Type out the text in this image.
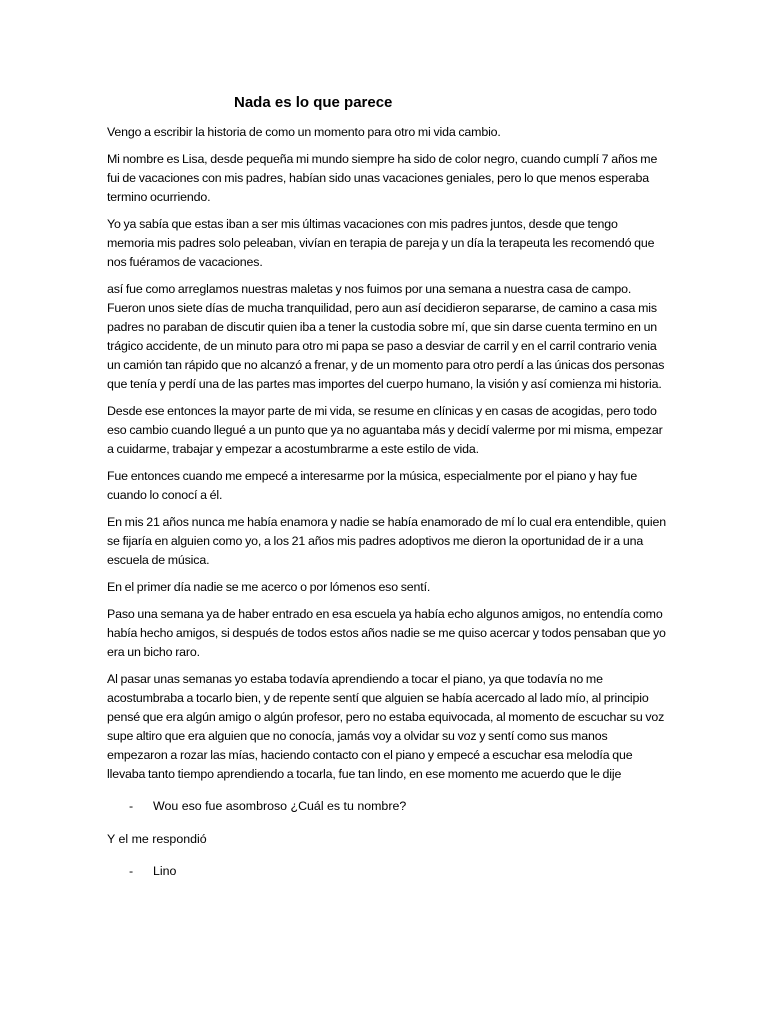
Nada es lo que parece

Vengo a escribir la historia de como un momento para otro mi vida cambio.

Mi nombre es Lisa, desde pequeña mi mundo siempre ha sido de color negro, cuando cumplí 7 años me fui de vacaciones con mis padres, habían sido unas vacaciones geniales, pero lo que menos esperaba termino ocurriendo.

Yo ya sabía que estas iban a ser mis últimas vacaciones con mis padres juntos, desde que tengo memoria mis padres solo peleaban, vivían en terapia de pareja y un día la terapeuta les recomendó que nos fuéramos de vacaciones.

así fue como arreglamos nuestras maletas y nos fuimos por una semana a nuestra casa de campo. Fueron unos siete días de mucha tranquilidad, pero aun así decidieron separarse, de camino a casa mis padres no paraban de discutir quien iba a tener la custodia sobre mí, que sin darse cuenta termino en un trágico accidente, de un minuto para otro mi papa se paso a desviar de carril y en el carril contrario venia un camión tan rápido que no alcanzó a frenar, y de un momento para otro perdí a las únicas dos personas que tenía y perdí una de las partes mas importes del cuerpo humano, la visión y así comienza mi historia.

Desde ese entonces la mayor parte de mi vida, se resume en clínicas y en casas de acogidas, pero todo eso cambio cuando llegué a un punto que ya no aguantaba más y decidí valerme por mi misma, empezar a cuidarme, trabajar y empezar a acostumbrarme a este estilo de vida.

Fue entonces cuando me empecé a interesarme por la música, especialmente por el piano y hay fue cuando lo conocí a él.

En mis 21 años nunca me había enamora y nadie se había enamorado de mí lo cual era entendible, quien se fijaría en alguien como yo, a los 21 años mis padres adoptivos me dieron la oportunidad de ir a una escuela de música.

En el primer día nadie se me acerco o por lómenos eso sentí.

Paso una semana ya de haber entrado en esa escuela ya había echo algunos amigos, no entendía como había hecho amigos, si después de todos estos años nadie se me quiso acercar y todos pensaban que yo era un bicho raro.

Al pasar unas semanas yo estaba todavía aprendiendo a tocar el piano, ya que todavía no me acostumbraba a tocarlo bien, y de repente sentí que alguien se había acercado al lado mío, al principio pensé que era algún amigo o algún profesor, pero no estaba equivocada, al momento de escuchar su voz supe altiro que era alguien que no conocía, jamás voy a olvidar su voz y sentí como sus manos empezaron a rozar las mías, haciendo contacto con el piano y empecé a escuchar esa melodía que llevaba tanto tiempo aprendiendo a tocarla, fue tan lindo, en ese momento me acuerdo que le dije

-	Wou eso fue asombroso ¿Cuál es tu nombre?

Y el me respondió

-	Lino
